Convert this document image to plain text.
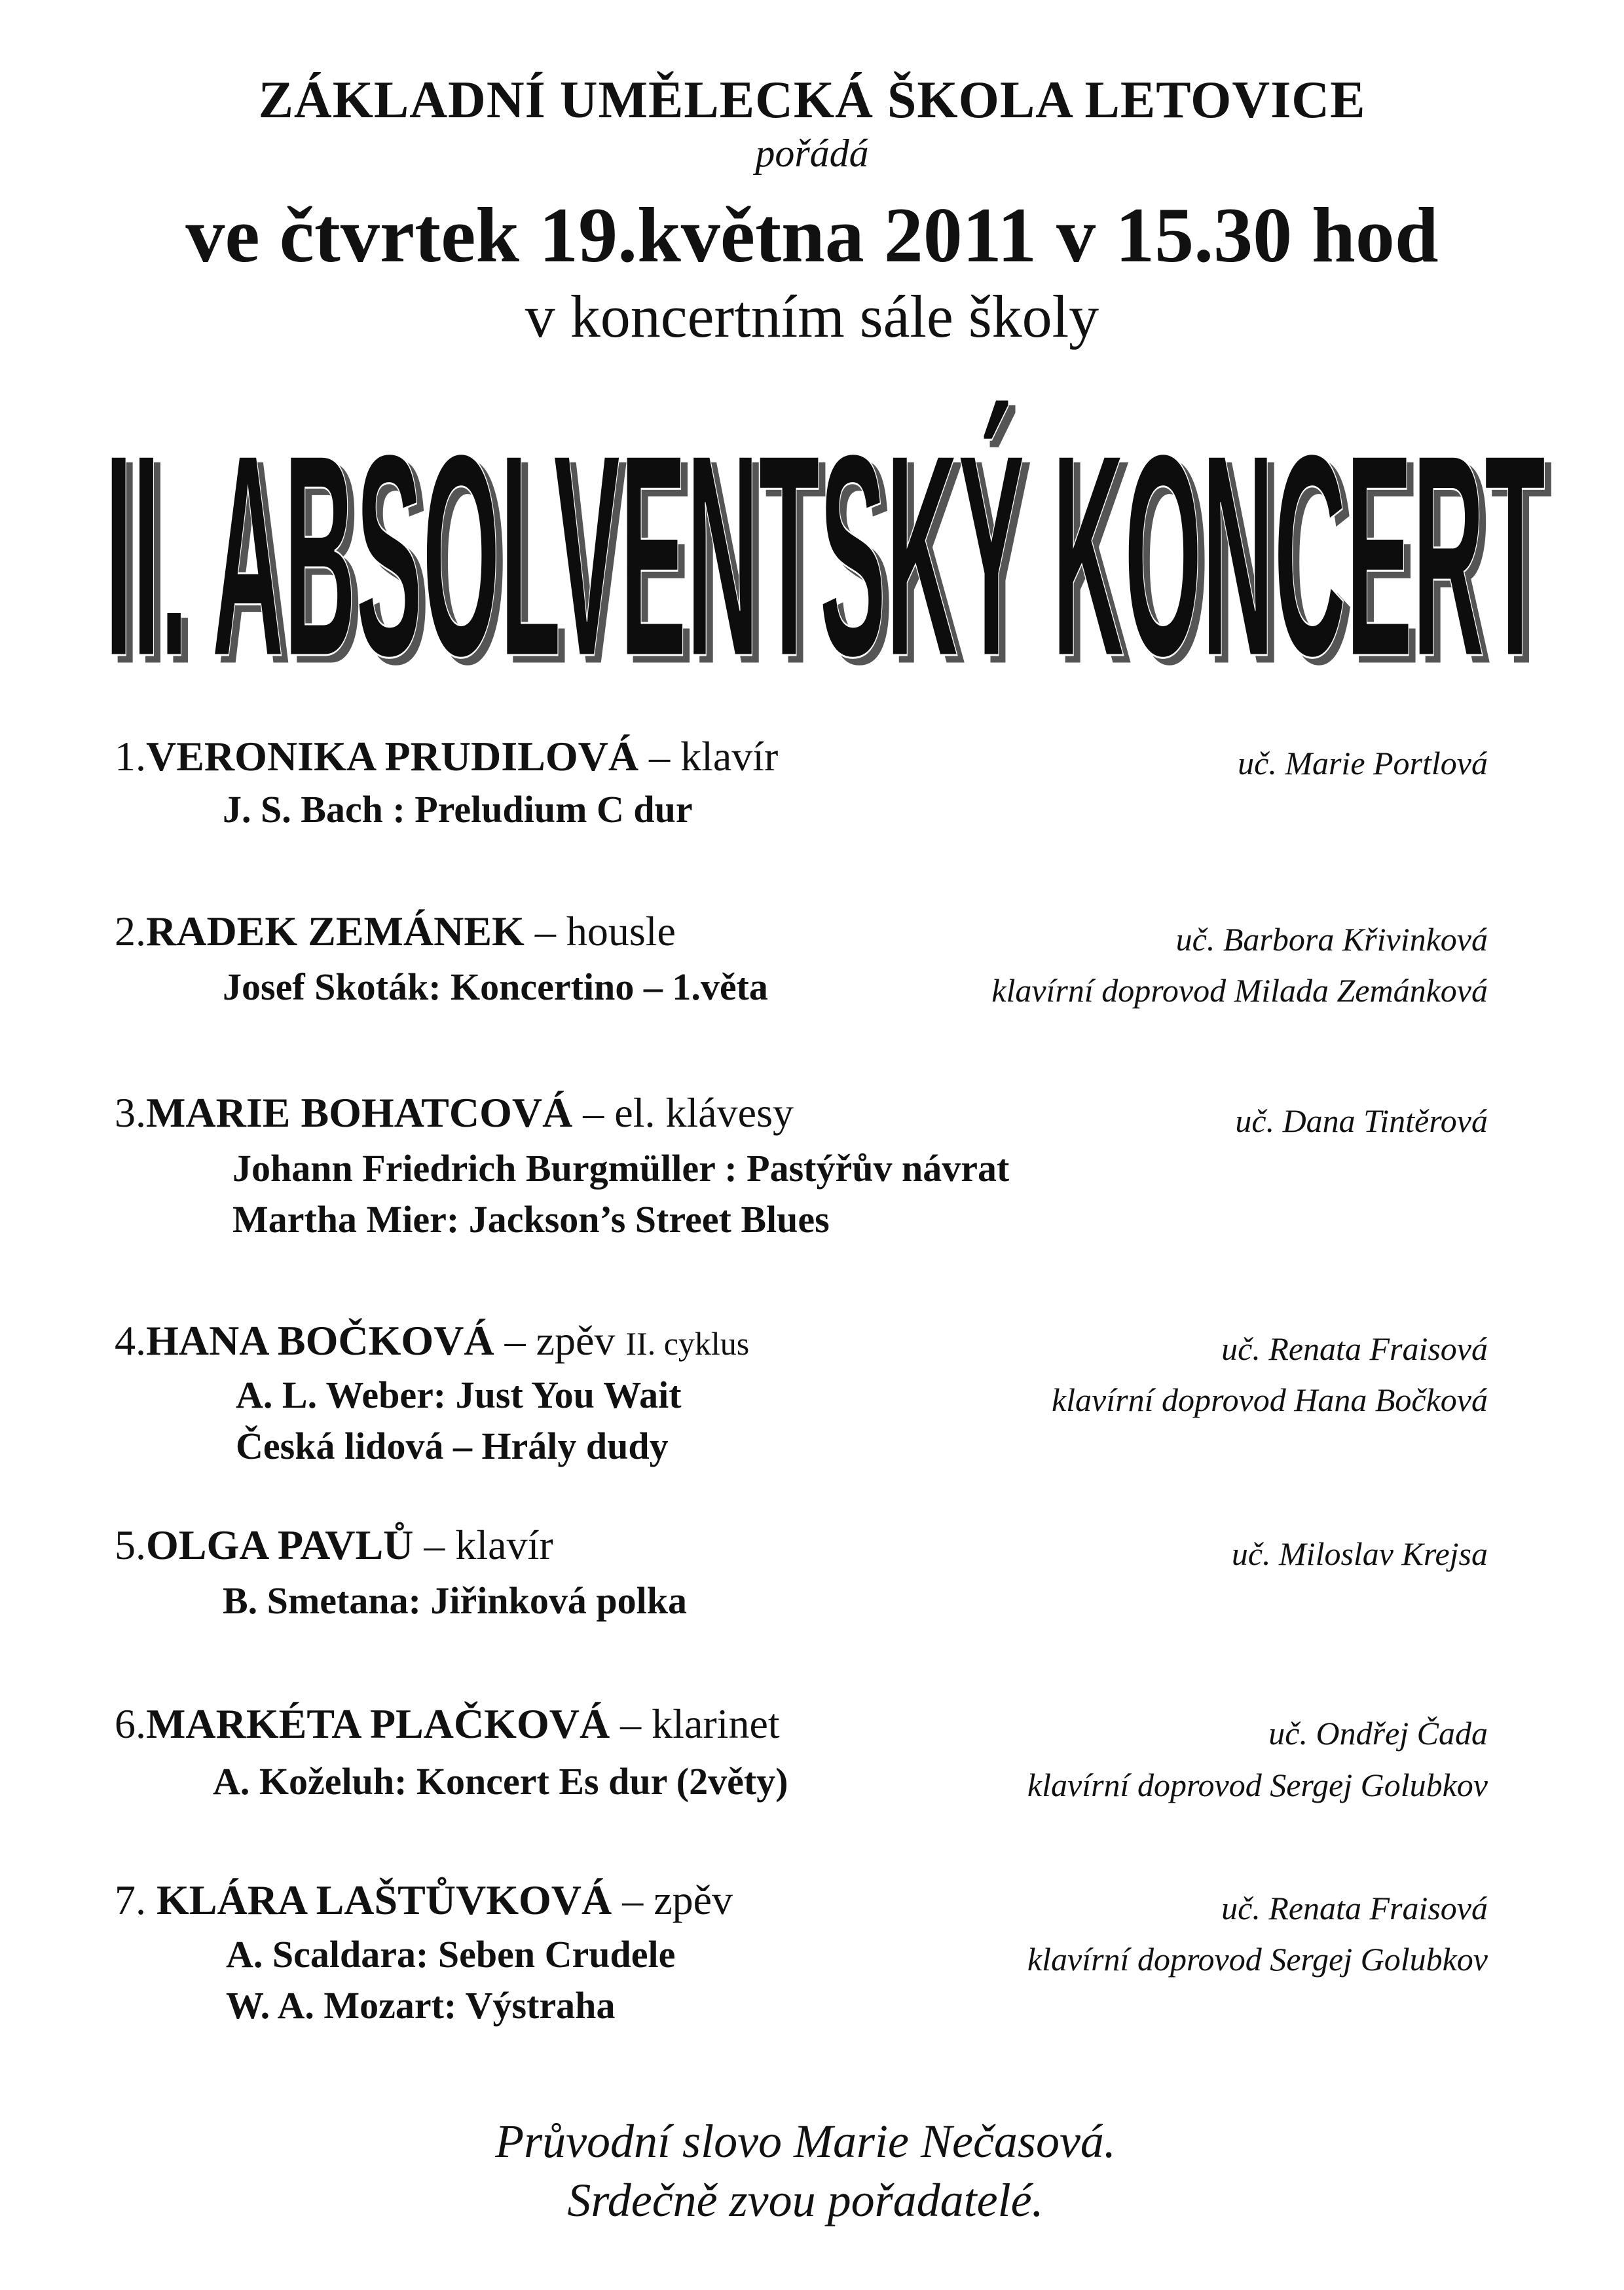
ZÁKLADNÍ UMĚLECKÁ ŠKOLA LETOVICE
pořádá
ve čtvrtek 19.května 2011 v 15.30 hod
v koncertním sále školy
II. ABSOLVENTSKÝ KONCERT
1.VERONIKA PRUDILOVÁ – klavír	uč. Marie Portlová
J. S. Bach : Preludium C dur
2.RADEK ZEMÁNEK – housle	uč. Barbora Křivinková
Josef Skoták: Koncertino – 1.věta	klavírní doprovod Milada Zemánková
3.MARIE BOHATCOVÁ – el. klávesy	uč. Dana Tintěrová
Johann Friedrich Burgmüller : Pastýřův návrat
Martha Mier: Jackson’s Street Blues
4.HANA BOČKOVÁ – zpěv II. cyklus	uč. Renata Fraisová
A. L. Weber: Just You Wait	klavírní doprovod Hana Bočková
Česká lidová – Hrály dudy
5.OLGA PAVLŮ – klavír	uč. Miloslav Krejsa
B. Smetana: Jiřinková polka
6.MARKÉTA PLAČKOVÁ – klarinet	uč. Ondřej Čada
A. Koželuh: Koncert Es dur (2věty)	klavírní doprovod Sergej Golubkov
7. KLÁRA LAŠTŮVKOVÁ – zpěv	uč. Renata Fraisová
A. Scaldara: Seben Crudele	klavírní doprovod Sergej Golubkov
W. A. Mozart: Výstraha
Průvodní slovo Marie Nečasová.
Srdečně zvou pořadatelé.
